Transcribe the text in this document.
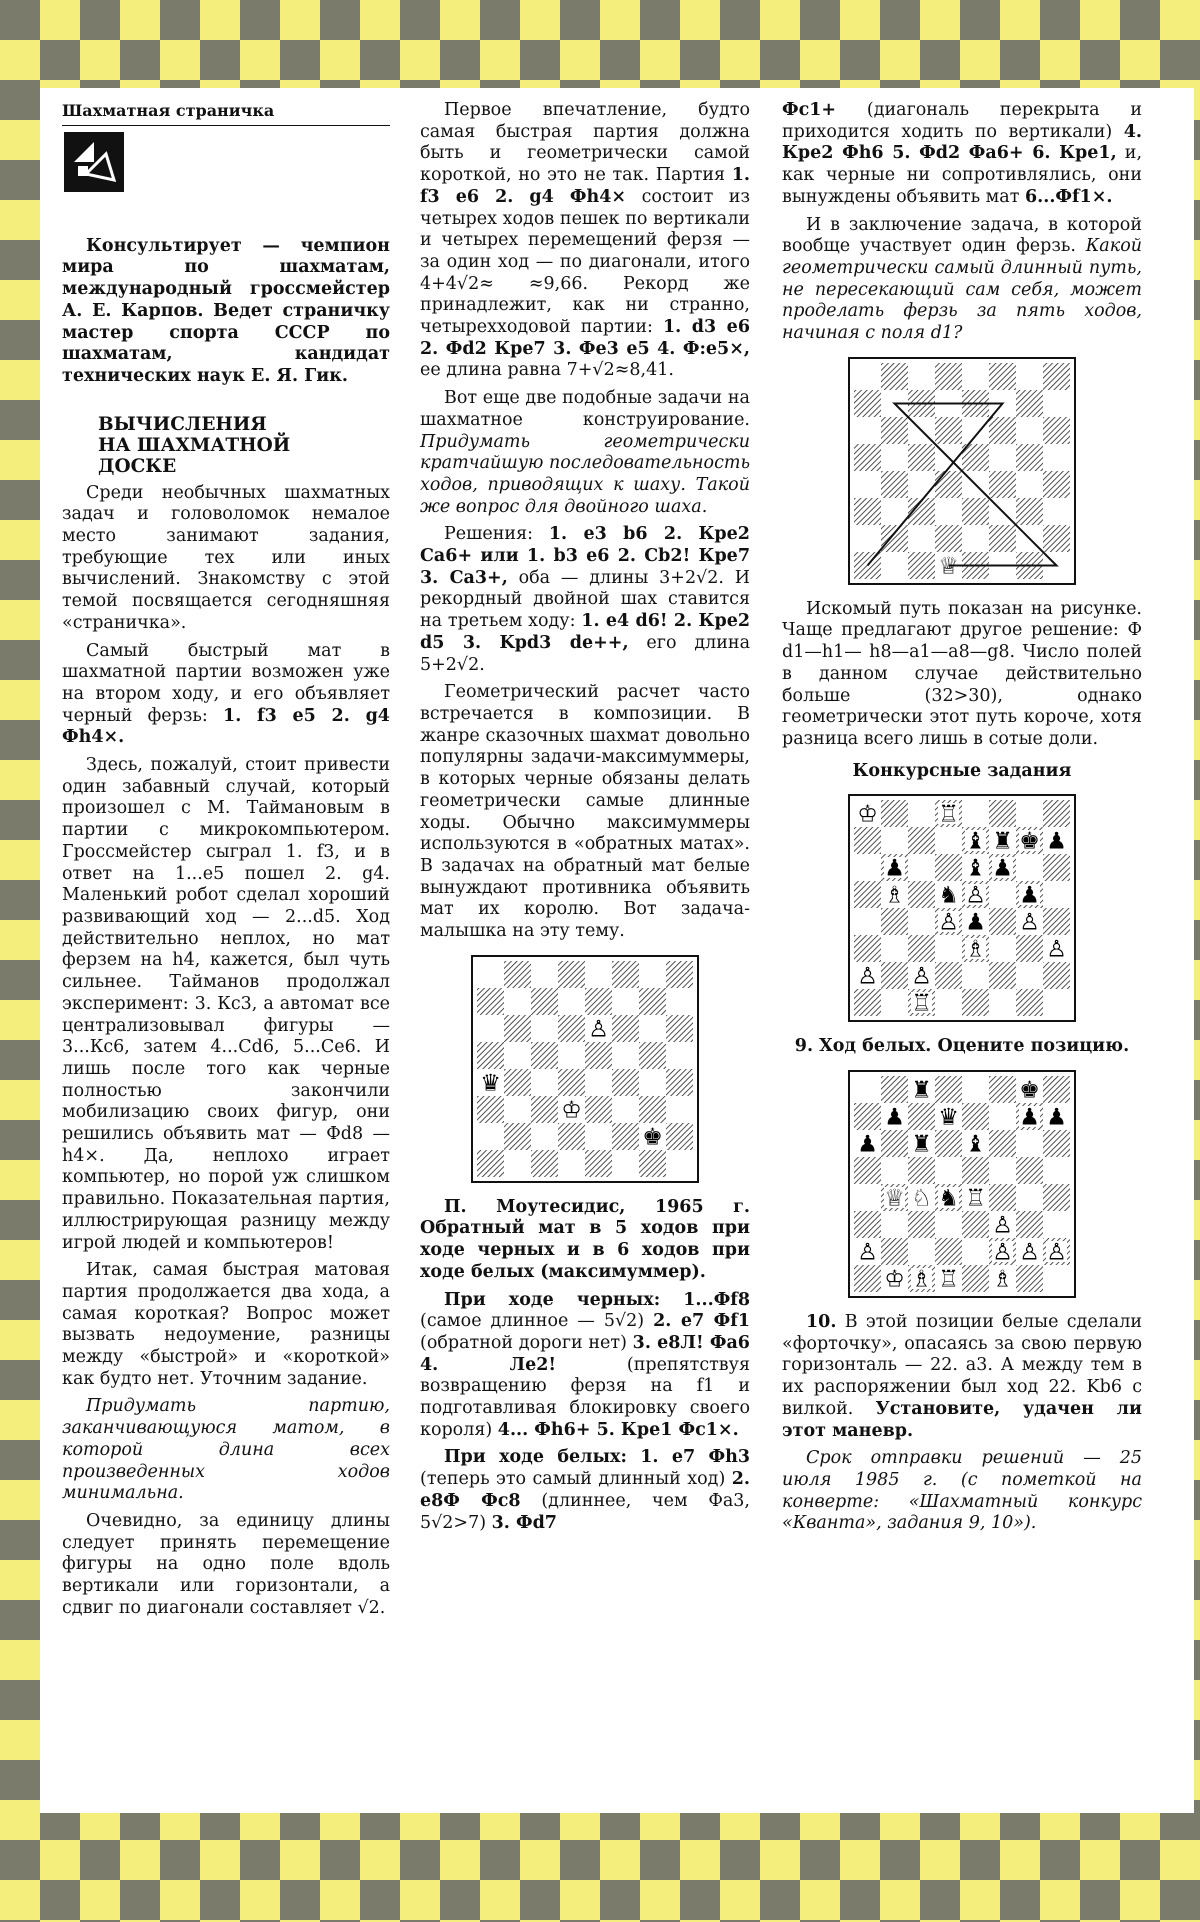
Шахматная страничка

Консультирует — чемпион мира по шахматам, международный гроссмейстер А. Е. Карпов. Ведет страничку мастер спорта СССР по шахматам, кандидат технических наук Е. Я. Гик.

ВЫЧИСЛЕНИЯ
НА ШАХМАТНОЙ
ДОСКЕ

Среди необычных шахматных задач и головоломок немалое место занимают задания, требующие тех или иных вычислений. Знакомству с этой темой посвящается сегодняшняя «страничка».

Самый быстрый мат в шахматной партии возможен уже на втором ходу, и его объявляет черный ферзь: 1. f3 е5 2. g4 Фh4×.

Здесь, пожалуй, стоит привести один забавный случай, который произошел с М. Таймановым в партии с микрокомпьютером. Гроссмейстер сыграл 1. f3, и в ответ на 1...е5 пошел 2. g4. Маленький робот сделал хороший развивающий ход — 2...d5. Ход действительно неплох, но мат ферзем на h4, кажется, был чуть сильнее. Тайманов продолжал эксперимент: 3. Кс3, а автомат все централизовывал фигуры — 3...Кс6, затем 4...Cd6, 5...Се6. И лишь после того как черные полностью закончили мобилизацию своих фигур, они решились объявить мат — Фd8 — h4×. Да, неплохо играет компьютер, но порой уж слишком правильно. Показательная партия, иллюстрирующая разницу между игрой людей и компьютеров!

Итак, самая быстрая матовая партия продолжается два хода, а самая короткая? Вопрос может вызвать недоумение, разницы между «быстрой» и «короткой» как будто нет. Уточним задание.

Придумать партию, заканчивающуюся матом, в которой длина всех произведенных ходов минимальна.

Очевидно, за единицу длины следует принять перемещение фигуры на одно поле вдоль вертикали или горизонтали, а сдвиг по диагонали составляет √2.

Первое впечатление, будто самая быстрая партия должна быть и геометрически самой короткой, но это не так. Партия 1. f3 е6 2. g4 Фh4× состоит из четырех ходов пешек по вертикали и четырех перемещений ферзя — за один ход — по диагонали, итого 4+4√2≈ ≈9,66. Рекорд же принадлежит, как ни странно, четырехходовой партии: 1. d3 е6 2. Фd2 Кре7 3. Фе3 е5 4. Ф:е5×, ее длина равна 7+√2≈8,41.

Вот еще две подобные задачи на шахматное конструирование. Придумать геометрически кратчайшую последовательность ходов, приводящих к шаху. Такой же вопрос для двойного шаха.

Решения: 1. е3 b6 2. Кре2 Са6+ или 1. b3 е6 2. Cb2! Кре7 3. Са3+, оба — длины 3+2√2. И рекордный двойной шах ставится на третьем ходу: 1. е4 d6! 2. Кре2 d5 3. Kpd3 de++, его длина 5+2√2.

Геометрический расчет часто встречается в композиции. В жанре сказочных шахмат довольно популярны задачи-максимуммеры, в которых черные обязаны делать геометрически самые длинные ходы. Обычно максимуммеры используются в «обратных матах». В задачах на обратный мат белые вынуждают противника объявить мат их королю. Вот задача-малышка на эту тему.

♙
♛
♔
♚

П. Моутесидис, 1965 г. Обратный мат в 5 ходов при ходе черных и в 6 ходов при ходе белых (максимуммер).

При ходе черных: 1...Фf8 (самое длинное — 5√2) 2. е7 Фf1 (обратной дороги нет) 3. е8Л! Фа6 4. Ле2! (препятствуя возвращению ферзя на f1 и подготавливая блокировку своего короля) 4... Фh6+ 5. Кре1 Фс1×.

При ходе белых: 1. е7 Фh3 (теперь это самый длинный ход) 2. е8Ф Фс8 (длиннее, чем Фа3, 5√2>7) 3. Фd7

Фс1+ (диагональ перекрыта и приходится ходить по вертикали) 4. Кре2 Фh6 5. Фd2 Фа6+ 6. Кре1, и, как черные ни сопротивлялись, они вынуждены объявить мат 6...Фf1×.

И в заключение задача, в которой вообще участвует один ферзь. Какой геометрически самый длинный путь, не пересекающий сам себя, может проделать ферзь за пять ходов, начиная с поля d1?

♕

Искомый путь показан на рисунке. Чаще предлагают другое решение: Ф d1—h1— h8—a1—a8—g8. Число полей в данном случае действительно больше (32>30), однако геометрически этот путь короче, хотя разница всего лишь в сотые доли.

Конкурсные задания

♔	♖
♝ ♜ ♚ ♟
♟	♝ ♟
♗ ♞ ♙ ♟
♙ ♟ ♙
♗	♙
♙ ♙
♖

9. Ход белых. Оцените позицию.

♜	♚
♟ ♛	♟ ♟
♟ ♜ ♝
♕ ♘ ♞ ♖
♙
♙	♙ ♙ ♙
♔ ♗ ♖ ♗

10. В этой позиции белые сделали «форточку», опасаясь за свою первую горизонталь — 22. а3. А между тем в их распоряжении был ход 22. Kb6 с вилкой. Установите, удачен ли этот маневр.

Срок отправки решений — 25 июля 1985 г. (с пометкой на конверте: «Шахматный конкурс «Кванта», задания 9, 10»).
